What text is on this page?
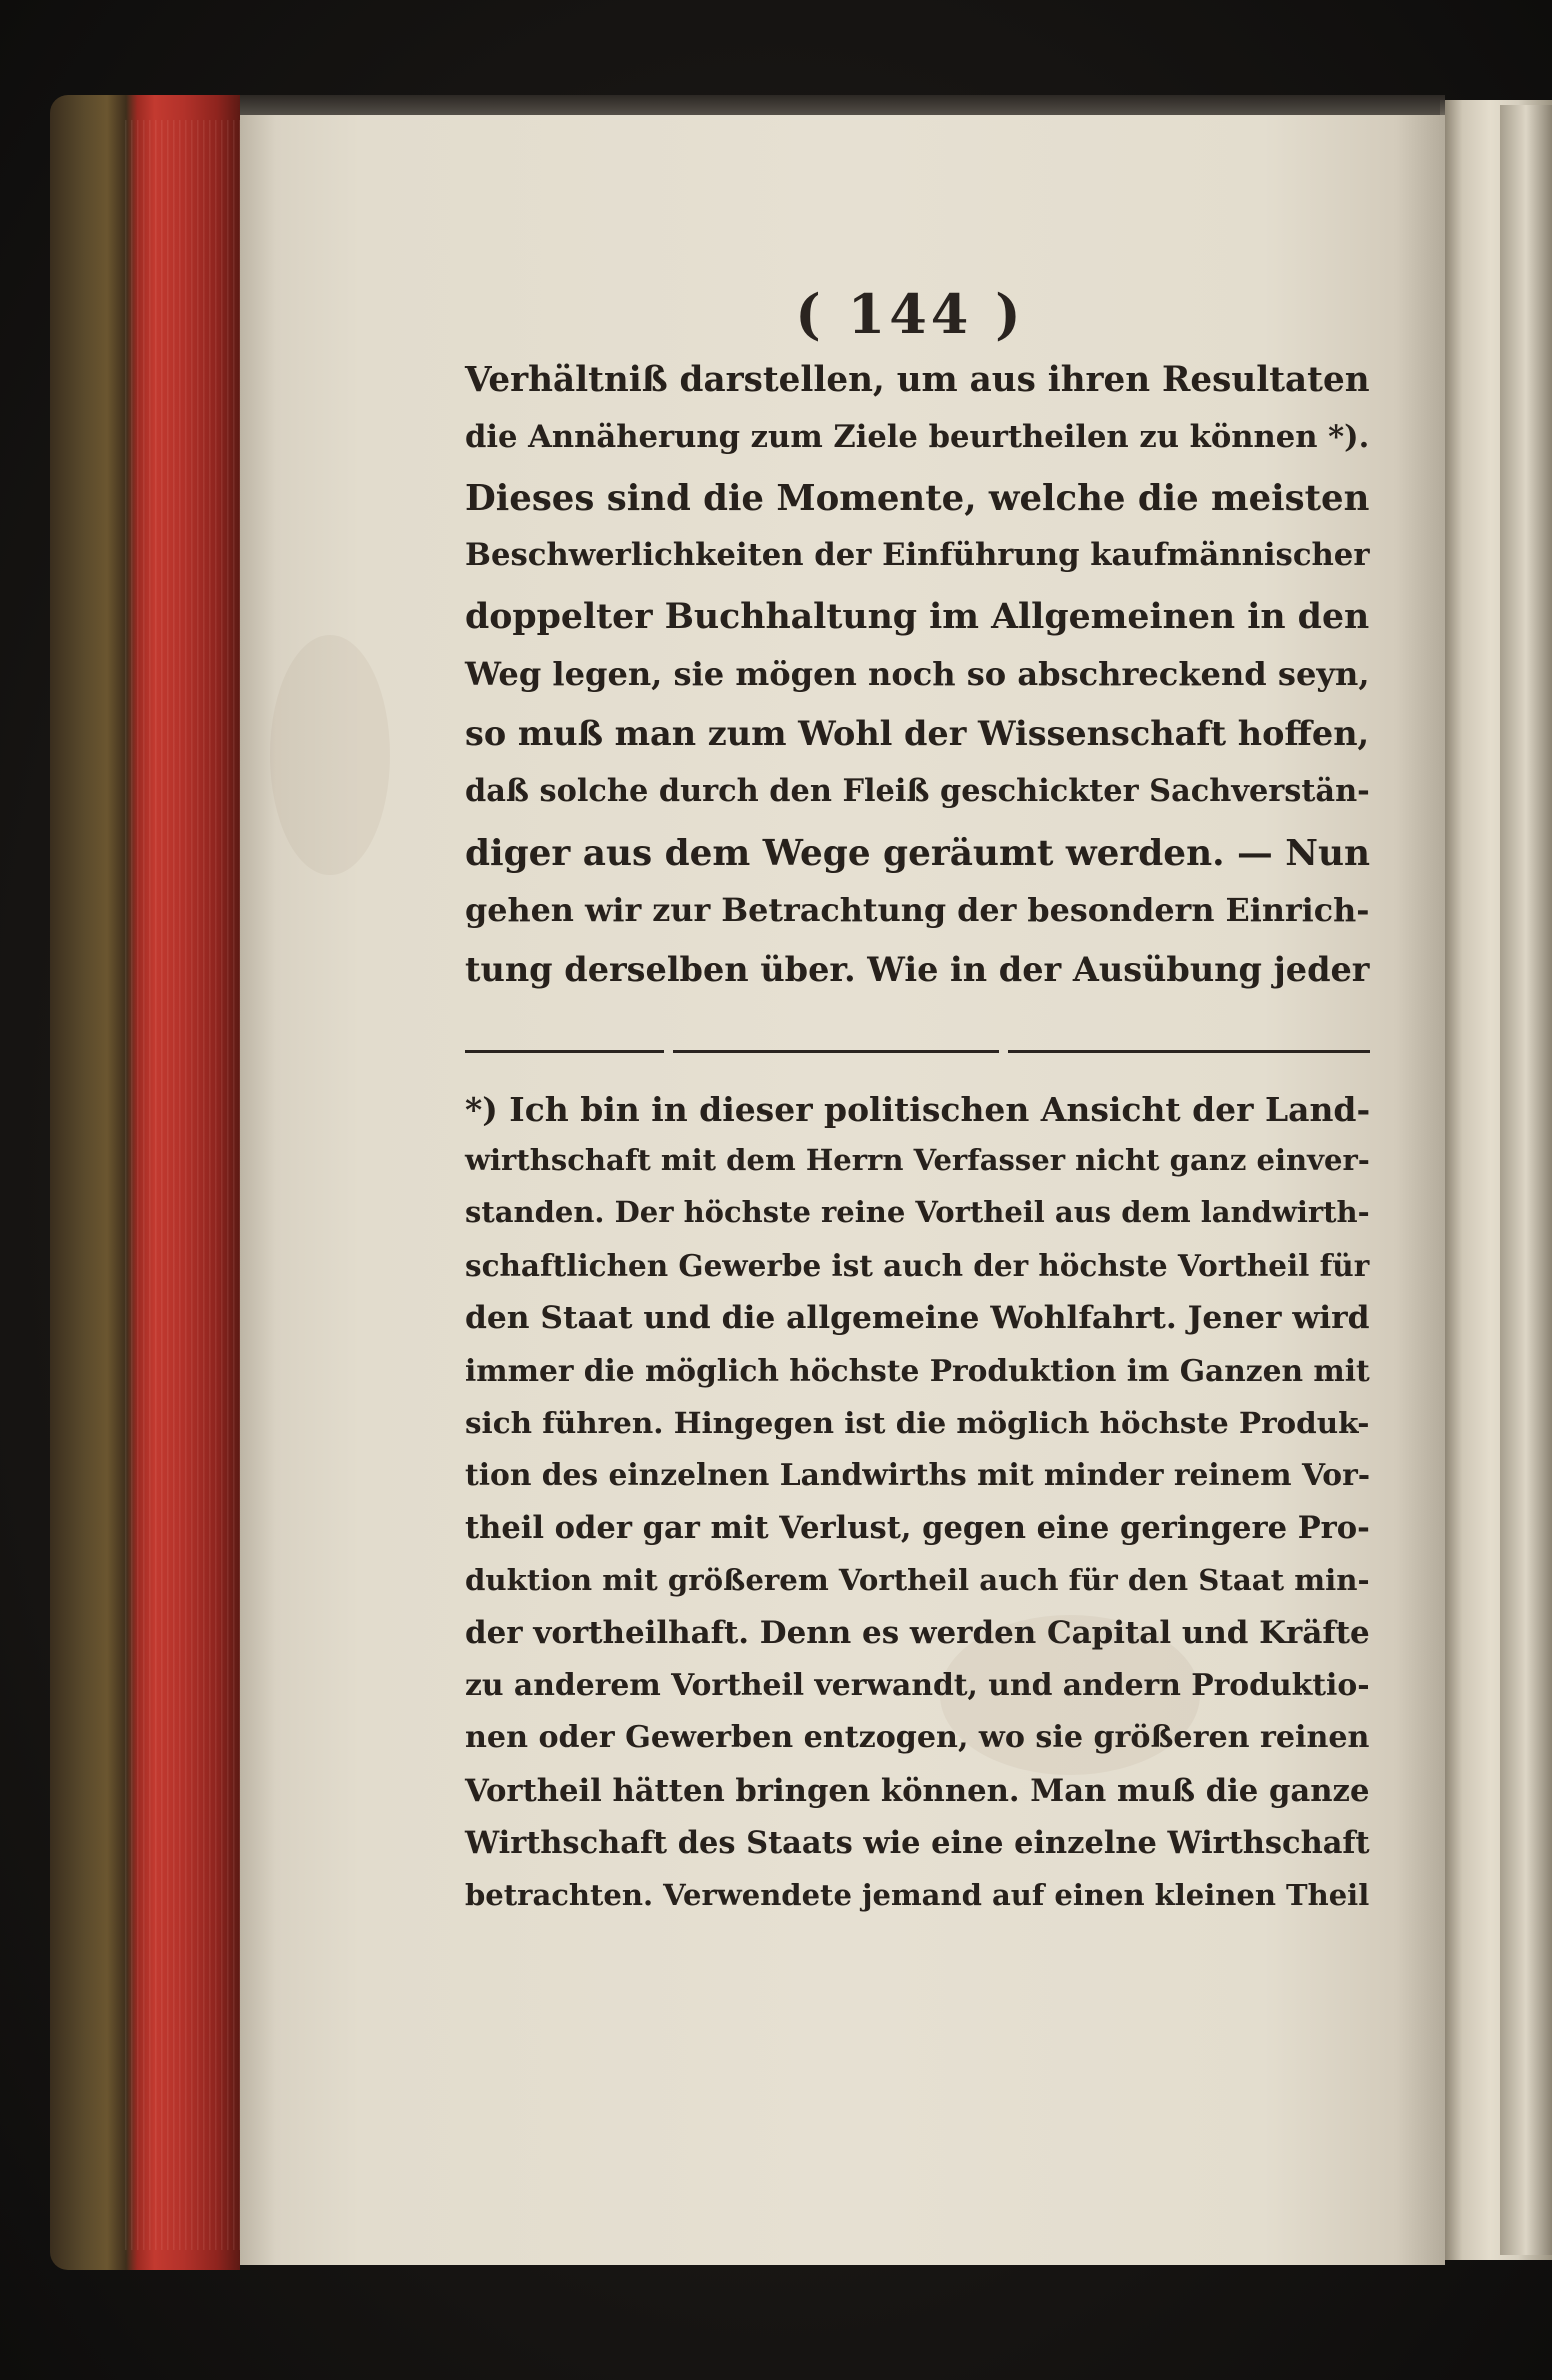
( 144 )
Verhältniß darstellen, um aus ihren Resultaten
die Annäherung zum Ziele beurtheilen zu können *).
Dieses sind die Momente, welche die meisten
Beschwerlichkeiten der Einführung kaufmännischer
doppelter Buchhaltung im Allgemeinen in den
Weg legen, sie mögen noch so abschreckend seyn,
so muß man zum Wohl der Wissenschaft hoffen,
daß solche durch den Fleiß geschickter Sachverstän-
diger aus dem Wege geräumt werden. — Nun
gehen wir zur Betrachtung der besondern Einrich-
tung derselben über. Wie in der Ausübung jeder
*) Ich bin in dieser politischen Ansicht der Land-
wirthschaft mit dem Herrn Verfasser nicht ganz einver-
standen. Der höchste reine Vortheil aus dem landwirth-
schaftlichen Gewerbe ist auch der höchste Vortheil für
den Staat und die allgemeine Wohlfahrt. Jener wird
immer die möglich höchste Produktion im Ganzen mit
sich führen. Hingegen ist die möglich höchste Produk-
tion des einzelnen Landwirths mit minder reinem Vor-
theil oder gar mit Verlust, gegen eine geringere Pro-
duktion mit größerem Vortheil auch für den Staat min-
der vortheilhaft. Denn es werden Capital und Kräfte
zu anderem Vortheil verwandt, und andern Produktio-
nen oder Gewerben entzogen, wo sie größeren reinen
Vortheil hätten bringen können. Man muß die ganze
Wirthschaft des Staats wie eine einzelne Wirthschaft
betrachten. Verwendete jemand auf einen kleinen Theil
